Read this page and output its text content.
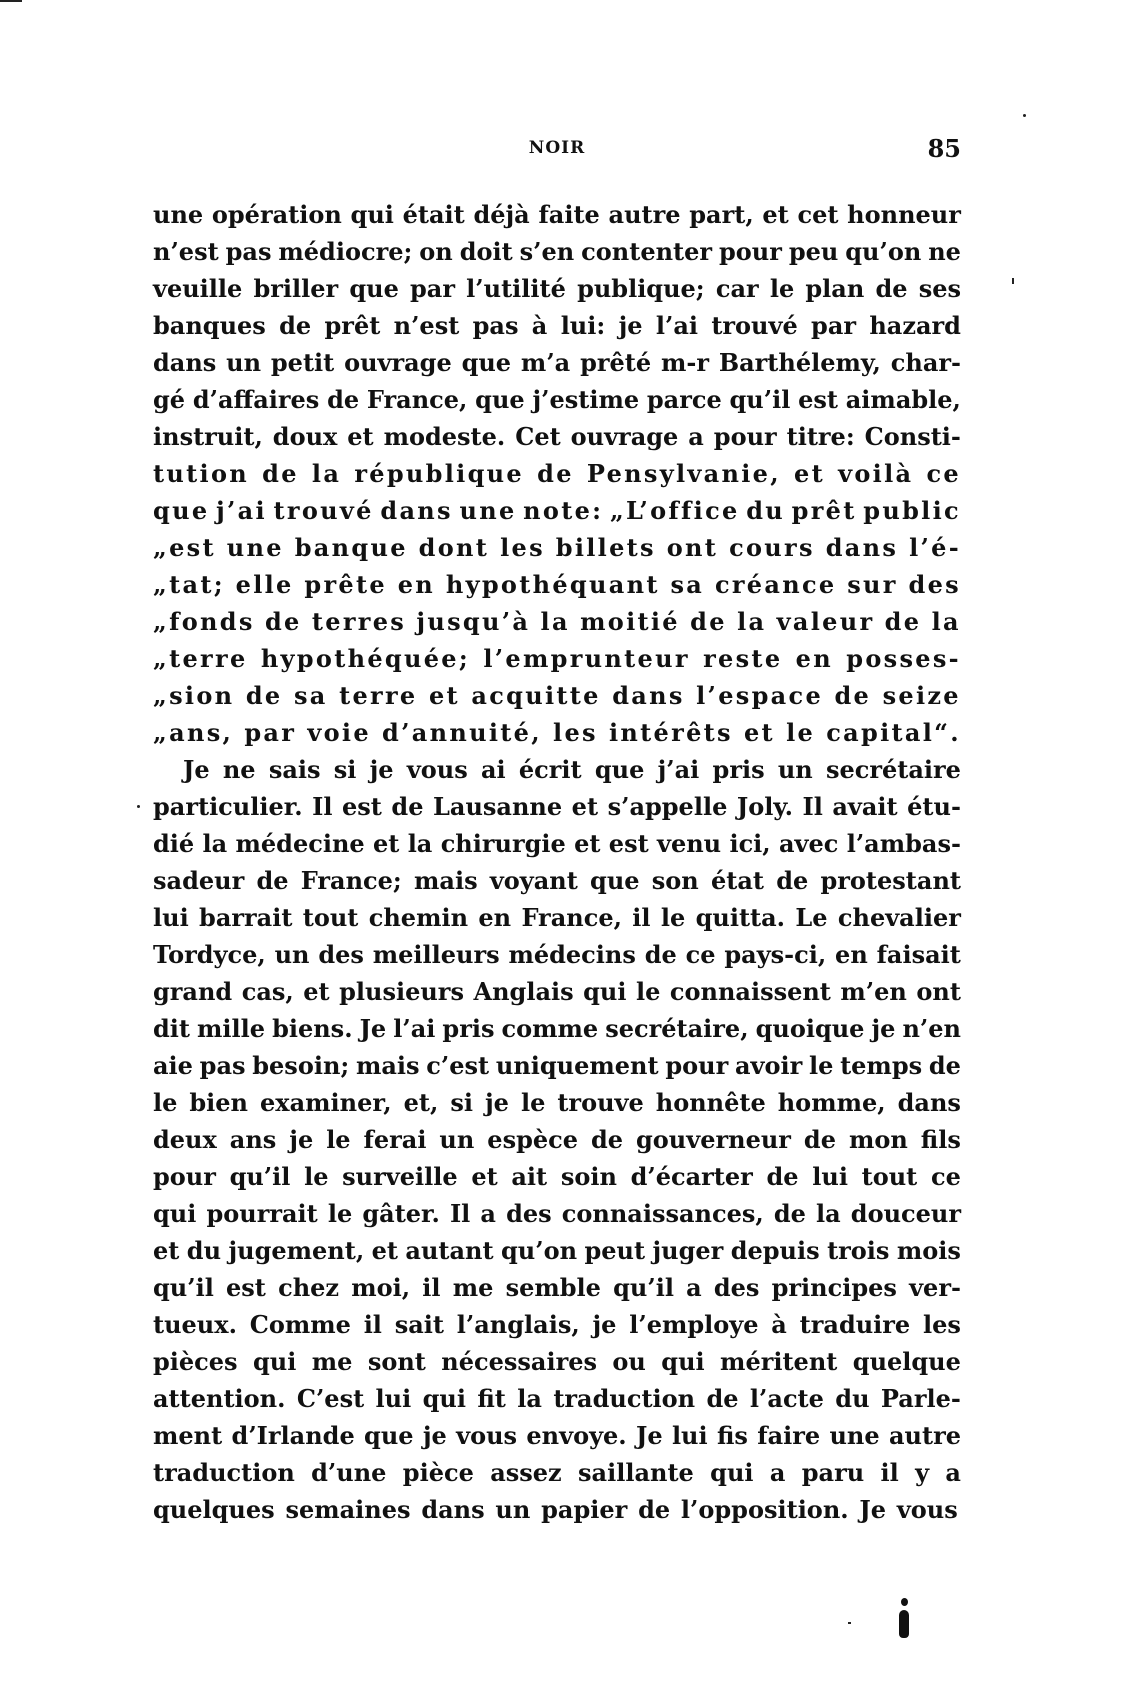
NOIR	85
une opération qui était déjà faite autre part, et cet honneur
n’est pas médiocre; on doit s’en contenter pour peu qu’on ne
veuille briller que par l’utilité publique; car le plan de ses
banques de prêt n’est pas à lui: je l’ai trouvé par hazard
dans un petit ouvrage que m’a prêté m-r Barthélemy, char-
gé d’affaires de France, que j’estime parce qu’il est aimable,
instruit, doux et modeste. Cet ouvrage a pour titre: Consti-
tution de la république de Pensylvanie, et voilà ce
que j’ai trouvé dans une note: „L’office du prêt public
„est une banque dont les billets ont cours dans l’é-
„tat; elle prête en hypothéquant sa créance sur des
„fonds de terres jusqu’à la moitié de la valeur de la
„terre hypothéquée; l’emprunteur reste en posses-
„sion de sa terre et acquitte dans l’espace de seize
„ans, par voie d’annuité, les intérêts et le capital“.
Je ne sais si je vous ai écrit que j’ai pris un secrétaire
particulier. Il est de Lausanne et s’appelle Joly. Il avait étu-
dié la médecine et la chirurgie et est venu ici, avec l’ambas-
sadeur de France; mais voyant que son état de protestant
lui barrait tout chemin en France, il le quitta. Le chevalier
Tordyce, un des meilleurs médecins de ce pays-ci, en faisait
grand cas, et plusieurs Anglais qui le connaissent m’en ont
dit mille biens. Je l’ai pris comme secrétaire, quoique je n’en
aie pas besoin; mais c’est uniquement pour avoir le temps de
le bien examiner, et, si je le trouve honnête homme, dans
deux ans je le ferai un espèce de gouverneur de mon fils
pour qu’il le surveille et ait soin d’écarter de lui tout ce
qui pourrait le gâter. Il a des connaissances, de la douceur
et du jugement, et autant qu’on peut juger depuis trois mois
qu’il est chez moi, il me semble qu’il a des principes ver-
tueux. Comme il sait l’anglais, je l’employe à traduire les
pièces qui me sont nécessaires ou qui méritent quelque
attention. C’est lui qui fit la traduction de l’acte du Parle-
ment d’Irlande que je vous envoye. Je lui fis faire une autre
traduction d’une pièce assez saillante qui a paru il y a
quelques semaines dans un papier de l’opposition. Je vous
